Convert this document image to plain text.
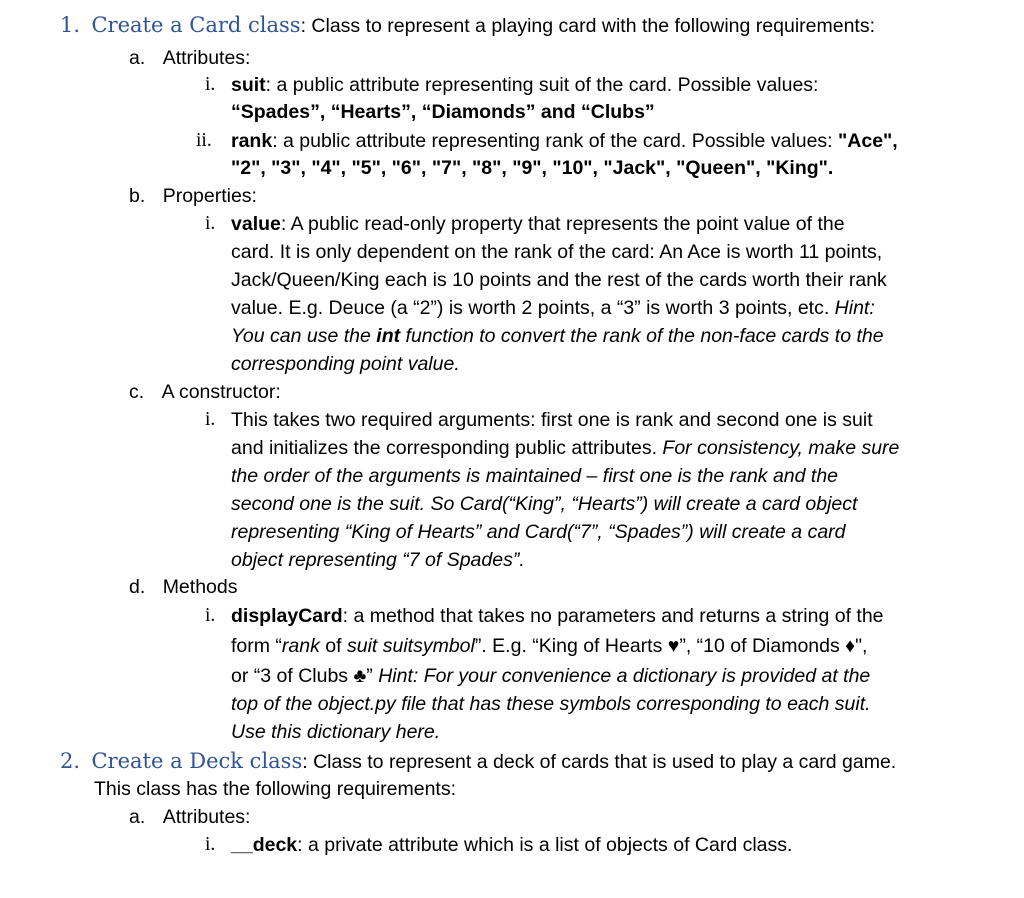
1. Create a Card class: Class to represent a playing card with the following requirements:
a. Attributes:
i. suit: a public attribute representing suit of the card. Possible values:
“Spades”, “Hearts”, “Diamonds” and “Clubs”
ii. rank: a public attribute representing rank of the card. Possible values: "Ace",
"2", "3", "4", "5", "6", "7", "8", "9", "10", "Jack", "Queen", "King".
b. Properties:
i. value: A public read-only property that represents the point value of the
card. It is only dependent on the rank of the card: An Ace is worth 11 points,
Jack/Queen/King each is 10 points and the rest of the cards worth their rank
value. E.g. Deuce (a “2”) is worth 2 points, a “3” is worth 3 points, etc. Hint:
You can use the int function to convert the rank of the non-face cards to the
corresponding point value.
c. A constructor:
i. This takes two required arguments: first one is rank and second one is suit
and initializes the corresponding public attributes. For consistency, make sure
the order of the arguments is maintained – first one is the rank and the
second one is the suit. So Card(“King”, “Hearts”) will create a card object
representing “King of Hearts” and Card(“7”, “Spades”) will create a card
object representing “7 of Spades”.
d. Methods
i. displayCard: a method that takes no parameters and returns a string of the
form “rank of suit suitsymbol”. E.g. “King of Hearts ♥”, “10 of Diamonds ♦",
or “3 of Clubs ♣” Hint: For your convenience a dictionary is provided at the
top of the object.py file that has these symbols corresponding to each suit.
Use this dictionary here.
2. Create a Deck class: Class to represent a deck of cards that is used to play a card game.
This class has the following requirements:
a. Attributes:
i. __deck: a private attribute which is a list of objects of Card class.
